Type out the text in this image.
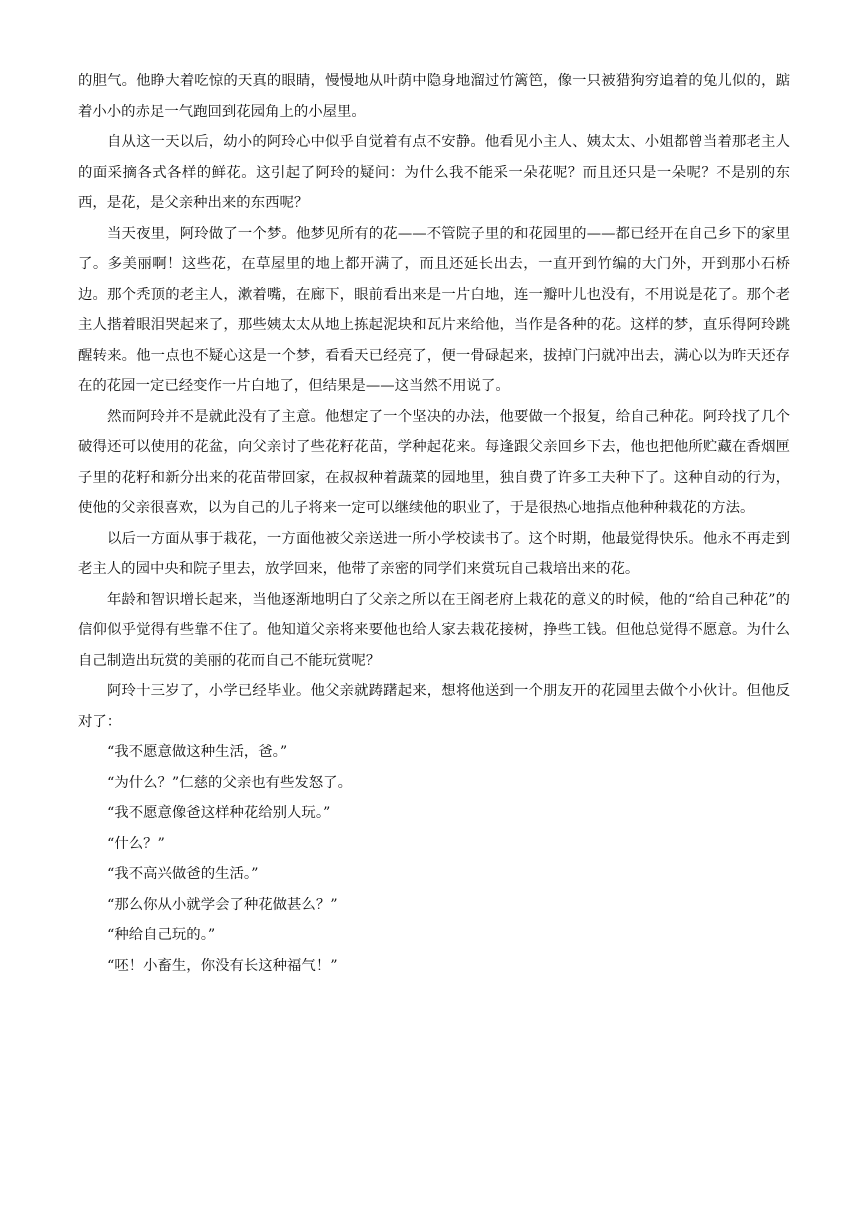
的胆气。他睁大着吃惊的天真的眼睛，慢慢地从叶荫中隐身地溜过竹篱笆，像一只被猎狗穷追着的兔儿似的，踮着小小的赤足一气跑回到花园角上的小屋里。

自从这一天以后，幼小的阿玲心中似乎自觉着有点不安静。他看见小主人、姨太太、小姐都曾当着那老主人的面采摘各式各样的鲜花。这引起了阿玲的疑问：为什么我不能采一朵花呢？而且还只是一朵呢？不是别的东西，是花，是父亲种出来的东西呢？

当天夜里，阿玲做了一个梦。他梦见所有的花——不管院子里的和花园里的——都已经开在自己乡下的家里了。多美丽啊！这些花，在草屋里的地上都开满了，而且还延长出去，一直开到竹编的大门外，开到那小石桥边。那个秃顶的老主人，漱着嘴，在廊下，眼前看出来是一片白地，连一瓣叶儿也没有，不用说是花了。那个老主人揩着眼泪哭起来了，那些姨太太从地上拣起泥块和瓦片来给他，当作是各种的花。这样的梦，直乐得阿玲跳醒转来。他一点也不疑心这是一个梦，看看天已经亮了，便一骨碌起来，拔掉门闩就冲出去，满心以为昨天还存在的花园一定已经变作一片白地了，但结果是——这当然不用说了。

然而阿玲并不是就此没有了主意。他想定了一个坚决的办法，他要做一个报复，给自己种花。阿玲找了几个破得还可以使用的花盆，向父亲讨了些花籽花苗，学种起花来。每逢跟父亲回乡下去，他也把他所贮藏在香烟匣子里的花籽和新分出来的花苗带回家，在叔叔种着蔬菜的园地里，独自费了许多工夫种下了。这种自动的行为，使他的父亲很喜欢，以为自己的儿子将来一定可以继续他的职业了，于是很热心地指点他种种栽花的方法。

以后一方面从事于栽花，一方面他被父亲送进一所小学校读书了。这个时期，他最觉得快乐。他永不再走到老主人的园中央和院子里去，放学回来，他带了亲密的同学们来赏玩自己栽培出来的花。

年龄和智识增长起来，当他逐渐地明白了父亲之所以在王阁老府上栽花的意义的时候，他的“给自己种花”的信仰似乎觉得有些靠不住了。他知道父亲将来要他也给人家去栽花接树，挣些工钱。但他总觉得不愿意。为什么自己制造出玩赏的美丽的花而自己不能玩赏呢？

阿玲十三岁了，小学已经毕业。他父亲就踌躇起来，想将他送到一个朋友开的花园里去做个小伙计。但他反对了：

“我不愿意做这种生活，爸。”

“为什么？”仁慈的父亲也有些发怒了。

“我不愿意像爸这样种花给别人玩。”

“什么？”

“我不高兴做爸的生活。”

“那么你从小就学会了种花做甚么？”

“种给自己玩的。”

“呸！小畜生，你没有长这种福气！”
